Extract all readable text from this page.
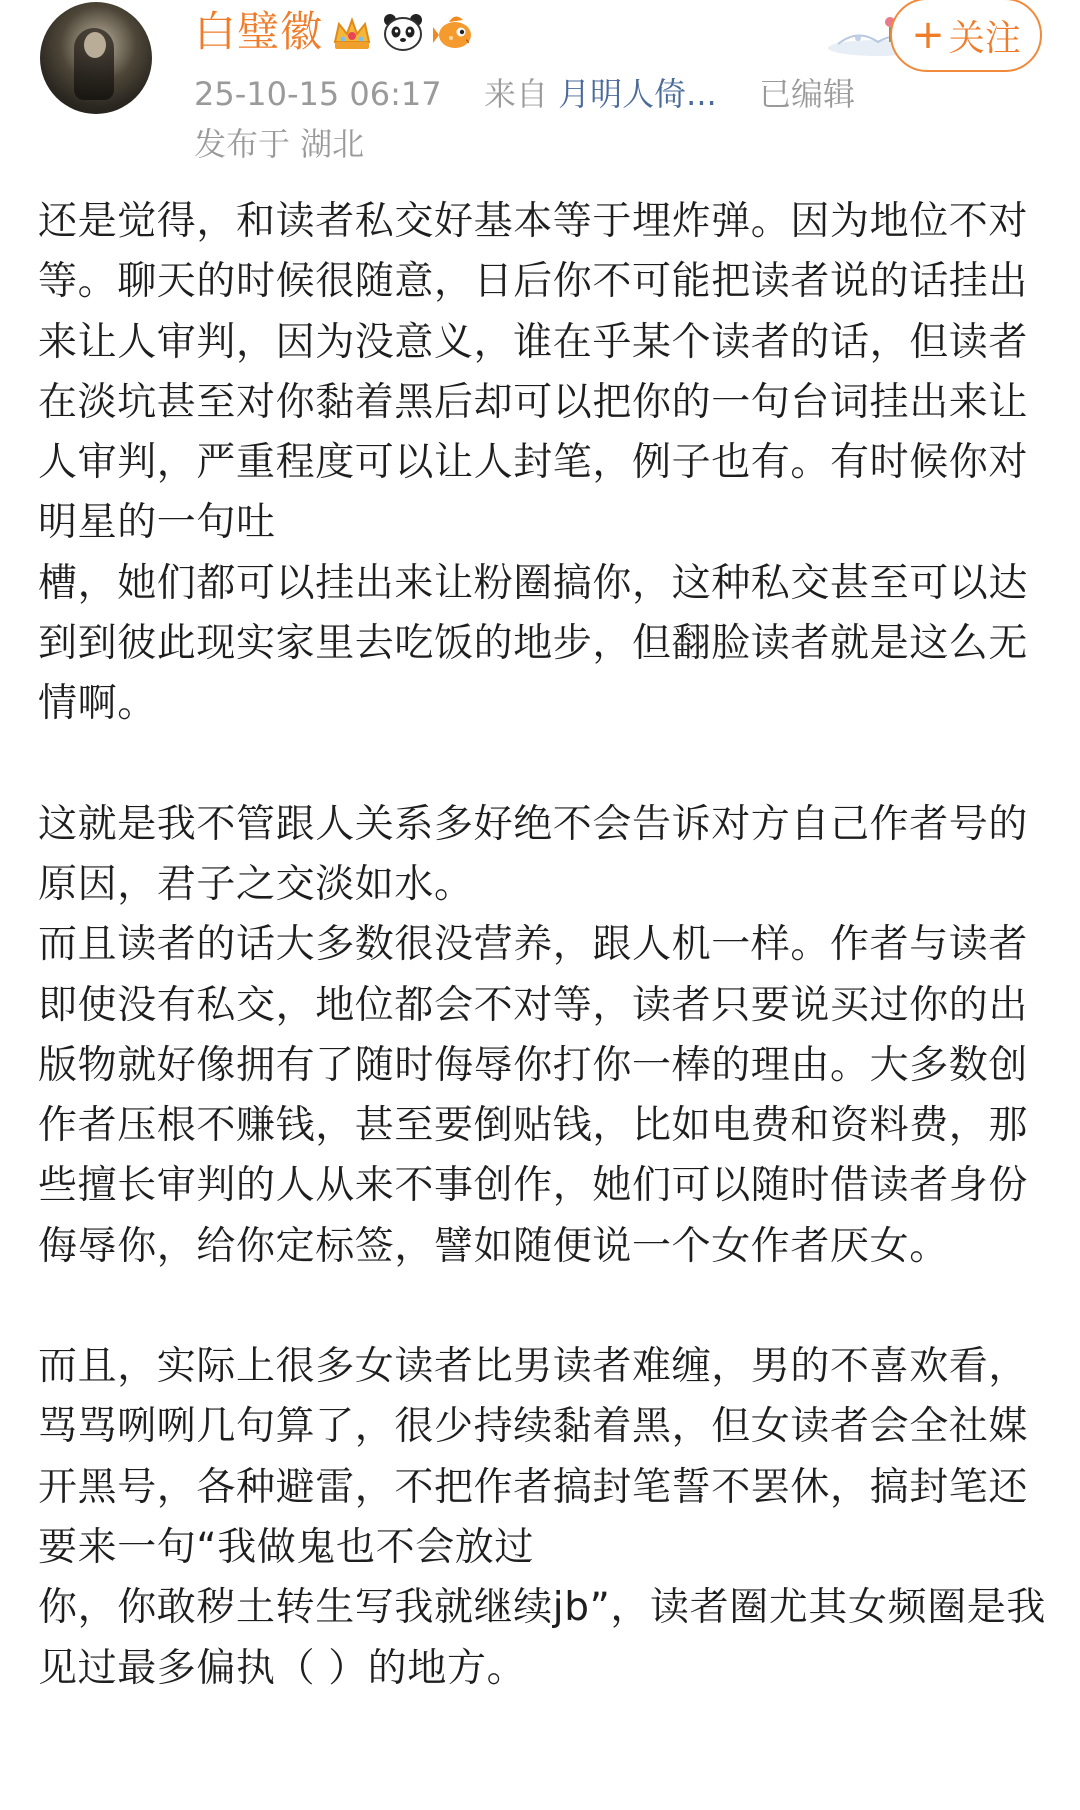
白璧徽
25-10-15 06:17 来自 月明人倚... 已编辑
发布于 湖北
+ 关注

还是觉得，和读者私交好基本等于埋炸弹。因为地位不对等。聊天的时候很随意，日后你不可能把读者说的话挂出来让人审判，因为没意义，谁在乎某个读者的话，但读者在淡坑甚至对你黏着黑后却可以把你的一句台词挂出来让人审判，严重程度可以让人封笔，例子也有。有时候你对明星的一句吐
槽，她们都可以挂出来让粉圈搞你，这种私交甚至可以达到到彼此现实家里去吃饭的地步，但翻脸读者就是这么无情啊。

这就是我不管跟人关系多好绝不会告诉对方自己作者号的原因，君子之交淡如水。
而且读者的话大多数很没营养，跟人机一样。作者与读者即使没有私交，地位都会不对等，读者只要说买过你的出版物就好像拥有了随时侮辱你打你一棒的理由。大多数创作者压根不赚钱，甚至要倒贴钱，比如电费和资料费，那些擅长审判的人从来不事创作，她们可以随时借读者身份侮辱你，给你定标签，譬如随便说一个女作者厌女。

而且，实际上很多女读者比男读者难缠，男的不喜欢看，骂骂咧咧几句算了，很少持续黏着黑，但女读者会全社媒开黑号，各种避雷，不把作者搞封笔誓不罢休，搞封笔还要来一句“我做鬼也不会放过
你，你敢秽土转生写我就继续jb”，读者圈尤其女频圈是我见过最多偏执（ ）的地方。
